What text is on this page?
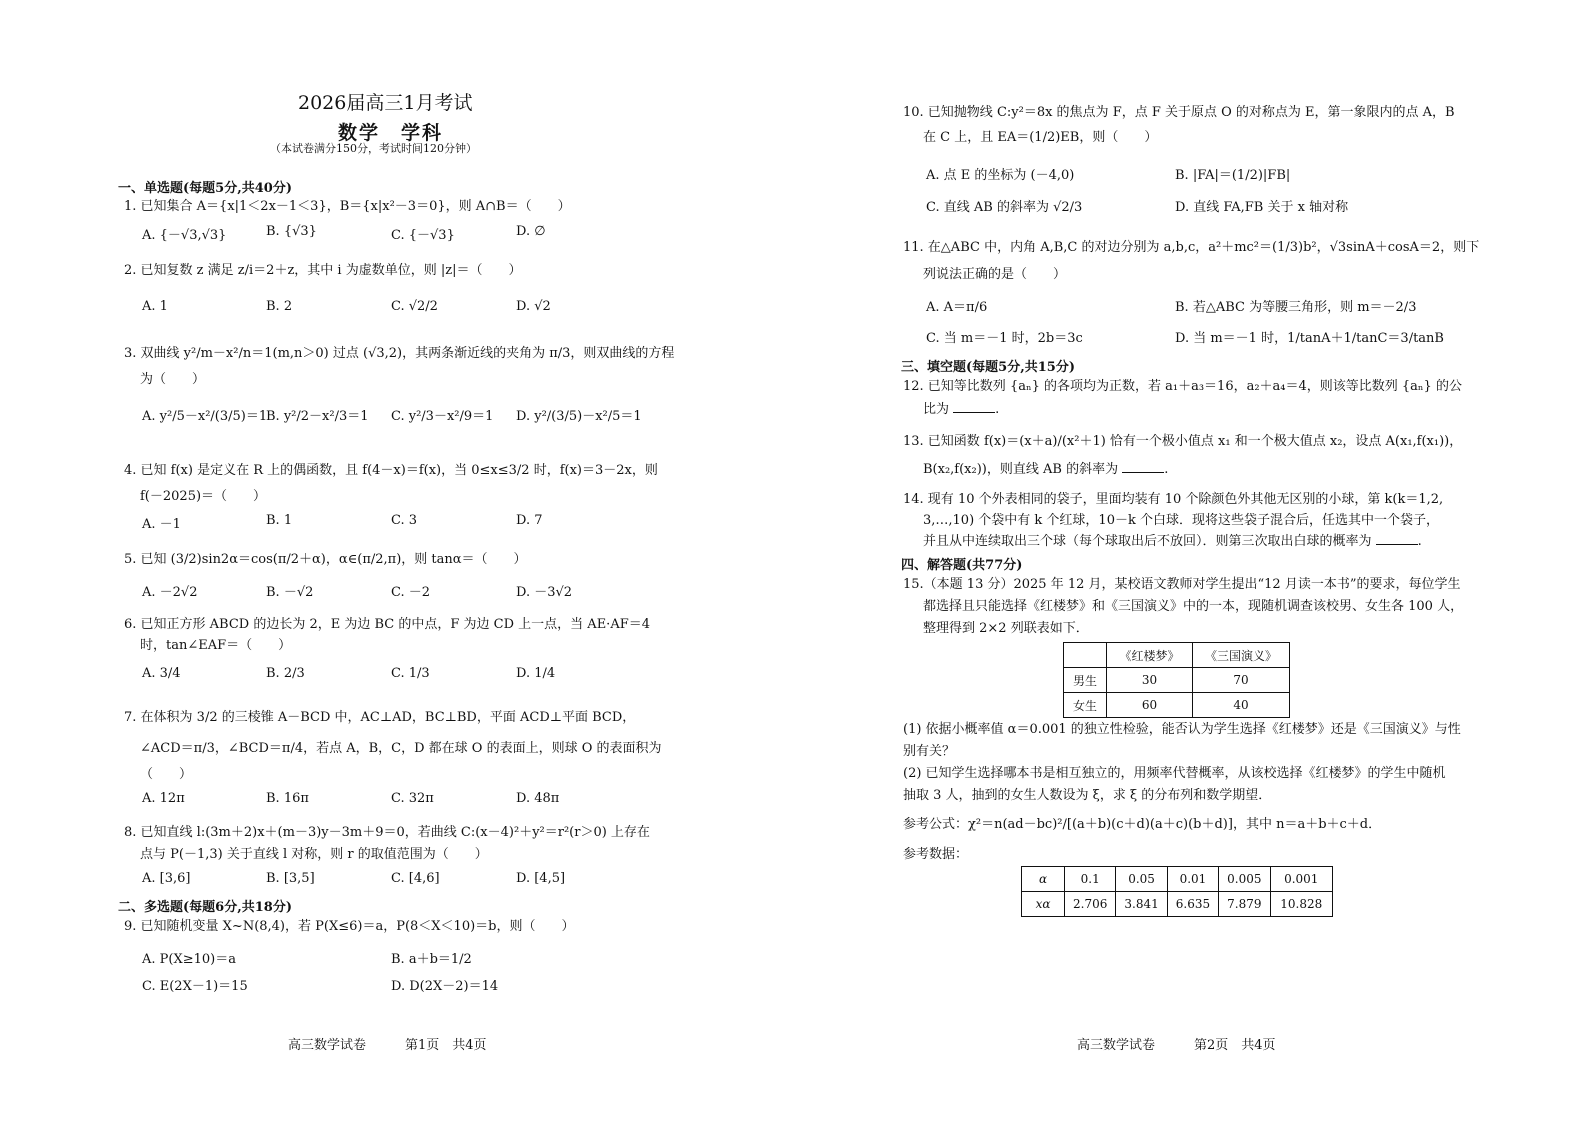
2026届高三1月考试
数学　学科
（本试卷满分150分，考试时间120分钟）
一、单选题(每题5分,共40分)
1. 已知集合 A＝{x|1＜2x－1＜3}，B＝{x|x²－3＝0}，则 A∩B＝（　　）
A. {－√3,√3}	B. {√3}	C. {－√3}	D. ∅
2. 已知复数 z 满足 z/i＝2＋z，其中 i 为虚数单位，则 |z|＝（　　）
A. 1	B. 2	C. √2/2	D. √2
3. 双曲线 y²/m－x²/n＝1(m,n＞0) 过点 (√3,2)，其两条渐近线的夹角为 π/3，则双曲线的方程
为（　　）
A. y²/5－x²/(3/5)＝1
B. y²/2－x²/3＝1 C. y²/3－x²/9＝1 D. y²/(3/5)－x²/5＝1
4. 已知 f(x) 是定义在 R 上的偶函数，且 f(4－x)＝f(x)，当 0≤x≤3/2 时，f(x)＝3－2x，则
f(－2025)＝（　　）
A. －1	B. 1	C. 3	D. 7
5. 已知 (3/2)sin2α＝cos(π/2＋α)，α∈(π/2,π)，则 tanα＝（　　）
A. －2√2	B. －√2	C. －2	D. －3√2
6. 已知正方形 ABCD 的边长为 2，E 为边 BC 的中点，F 为边 CD 上一点，当 AE·AF＝4
时，tan∠EAF＝（　　）
A. 3/4	B. 2/3	C. 1/3	D. 1/4
7. 在体积为 3/2 的三棱锥 A－BCD 中，AC⊥AD，BC⊥BD，平面 ACD⊥平面 BCD，
∠ACD＝π/3，∠BCD＝π/4，若点 A，B，C，D 都在球 O 的表面上，则球 O 的表面积为
（　　）
A. 12π	B. 16π	C. 32π	D. 48π
8. 已知直线 l:(3m＋2)x＋(m－3)y－3m＋9＝0，若曲线 C:(x－4)²＋y²＝r²(r＞0) 上存在
点与 P(－1,3) 关于直线 l 对称，则 r 的取值范围为（　　）
A. [3,6]	B. [3,5]	C. [4,6]	D. [4,5]
二、多选题(每题6分,共18分)
9. 已知随机变量 X~N(8,4)，若 P(X≤6)＝a，P(8＜X＜10)＝b，则（　　）
A. P(X≥10)＝a	B. a＋b＝1/2
C. E(2X－1)＝15	D. D(2X－2)＝14
高三数学试卷　　　第1页　共4页
10. 已知抛物线 C:y²＝8x 的焦点为 F，点 F 关于原点 O 的对称点为 E，第一象限内的点 A，B
在 C 上，且 EA＝(1/2)EB，则（　　）
A. 点 E 的坐标为 (－4,0)	B. |FA|＝(1/2)|FB|
C. 直线 AB 的斜率为 √2/3	D. 直线 FA,FB 关于 x 轴对称
11. 在△ABC 中，内角 A,B,C 的对边分别为 a,b,c，a²＋mc²＝(1/3)b²，√3sinA＋cosA＝2，则下
列说法正确的是（　　）
A. A＝π/6	B. 若△ABC 为等腰三角形，则 m＝－2/3
C. 当 m＝－1 时，2b＝3c	D. 当 m＝－1 时，1/tanA＋1/tanC＝3/tanB
三、填空题(每题5分,共15分)
12. 已知等比数列 {aₙ} 的各项均为正数，若 a₁＋a₃＝16，a₂＋a₄＝4，则该等比数列 {aₙ} 的公
比为	.
13. 已知函数 f(x)＝(x＋a)/(x²＋1) 恰有一个极小值点 x₁ 和一个极大值点 x₂，设点 A(x₁,f(x₁))，
B(x₂,f(x₂))，则直线 AB 的斜率为	.
14. 现有 10 个外表相同的袋子，里面均装有 10 个除颜色外其他无区别的小球，第 k(k＝1,2,
3,…,10) 个袋中有 k 个红球，10－k 个白球．现将这些袋子混合后，任选其中一个袋子，
并且从中连续取出三个球（每个球取出后不放回）．则第三次取出白球的概率为	.
四、解答题(共77分)
15.（本题 13 分）2025 年 12 月，某校语文教师对学生提出“12 月读一本书”的要求，每位学生
都选择且只能选择《红楼梦》和《三国演义》中的一本，现随机调查该校男、女生各 100 人，
整理得到 2×2 列联表如下．
	《红楼梦》	《三国演义》
男生	30	70
女生	60	40
(1) 依据小概率值 α＝0.001 的独立性检验，能否认为学生选择《红楼梦》还是《三国演义》与性
别有关？
(2) 已知学生选择哪本书是相互独立的，用频率代替概率，从该校选择《红楼梦》的学生中随机
抽取 3 人，抽到的女生人数设为 ξ，求 ξ 的分布列和数学期望．
参考公式：χ²＝n(ad－bc)²/[(a＋b)(c＋d)(a＋c)(b＋d)]，其中 n＝a＋b＋c＋d．
参考数据：
α	0.1	0.05	0.01	0.005	0.001
xα	2.706	3.841	6.635	7.879	10.828
高三数学试卷　　　第2页　共4页
